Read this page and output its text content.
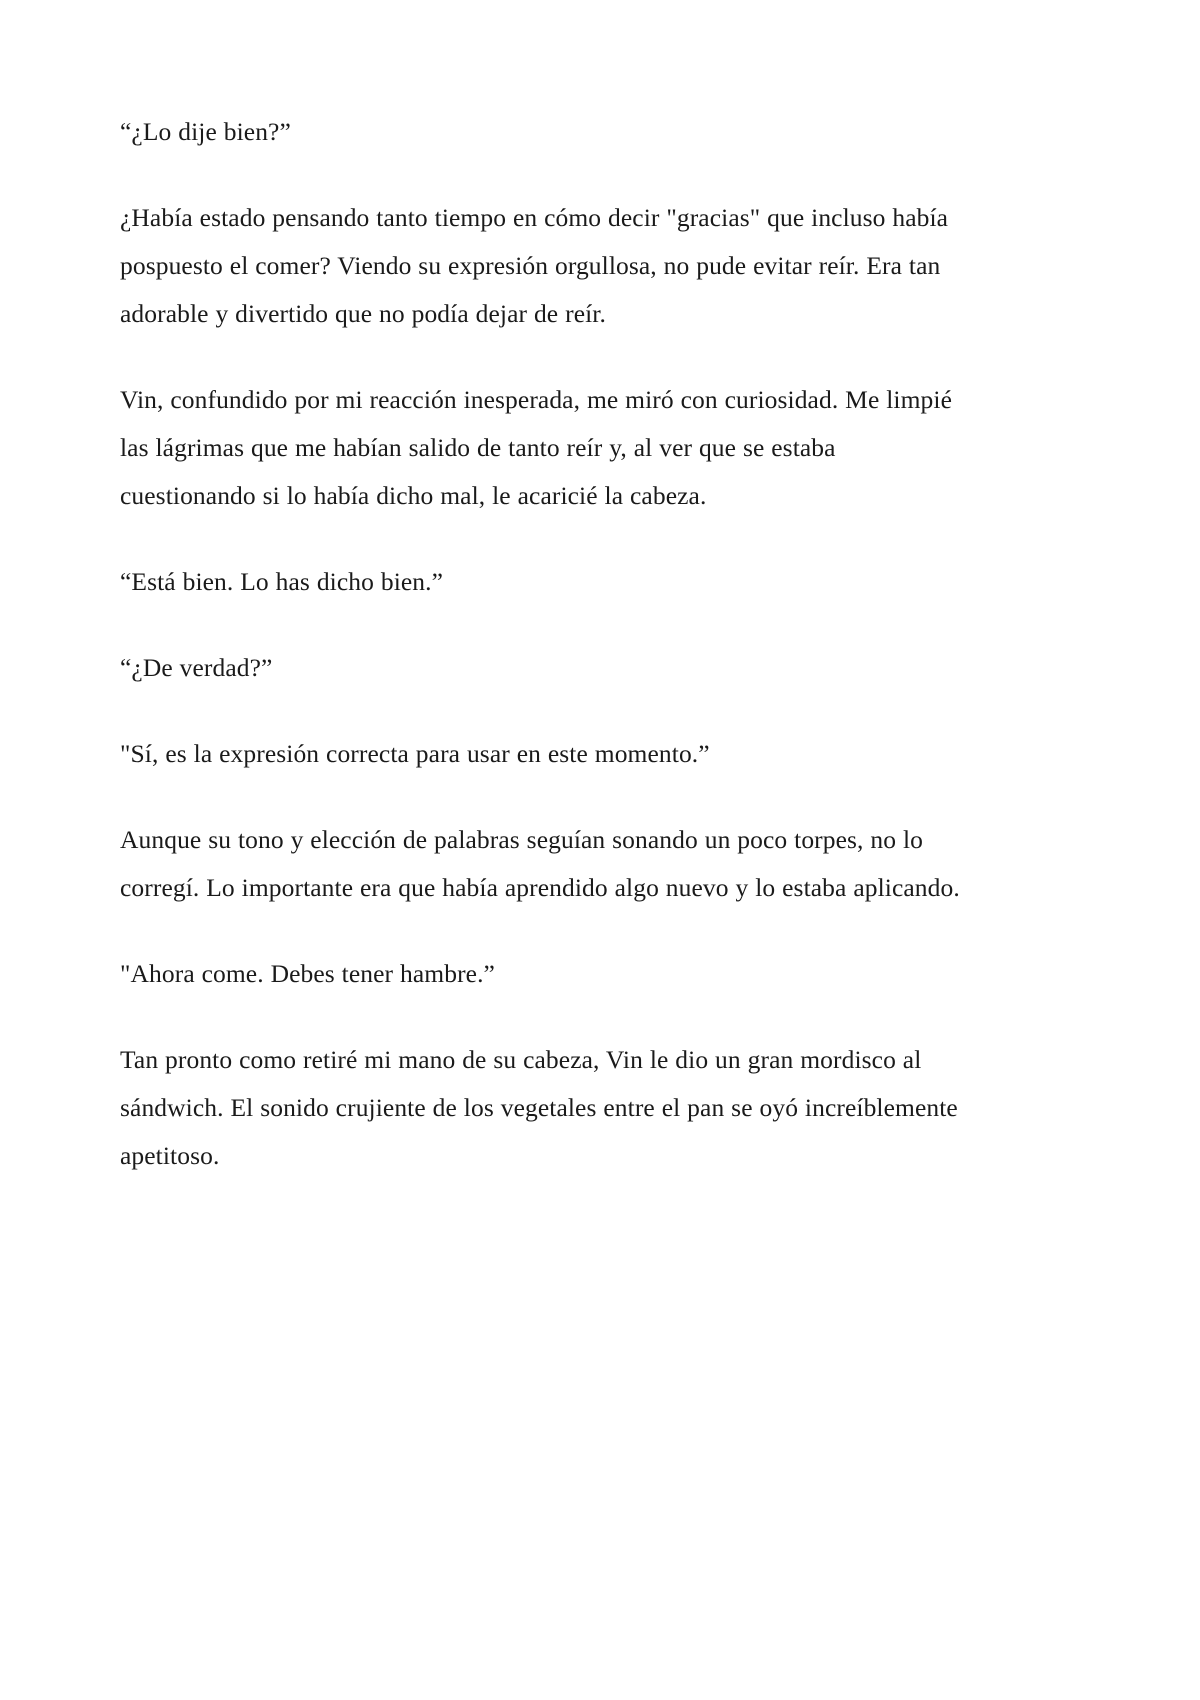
“¿Lo dije bien?”

¿Había estado pensando tanto tiempo en cómo decir "gracias" que incluso había pospuesto el comer? Viendo su expresión orgullosa, no pude evitar reír. Era tan adorable y divertido que no podía dejar de reír.

Vin, confundido por mi reacción inesperada, me miró con curiosidad. Me limpié las lágrimas que me habían salido de tanto reír y, al ver que se estaba cuestionando si lo había dicho mal, le acaricié la cabeza.

“Está bien. Lo has dicho bien.”

“¿De verdad?”

"Sí, es la expresión correcta para usar en este momento.”

Aunque su tono y elección de palabras seguían sonando un poco torpes, no lo corregí. Lo importante era que había aprendido algo nuevo y lo estaba aplicando.

"Ahora come. Debes tener hambre.”

Tan pronto como retiré mi mano de su cabeza, Vin le dio un gran mordisco al sándwich. El sonido crujiente de los vegetales entre el pan se oyó increíblemente apetitoso.
